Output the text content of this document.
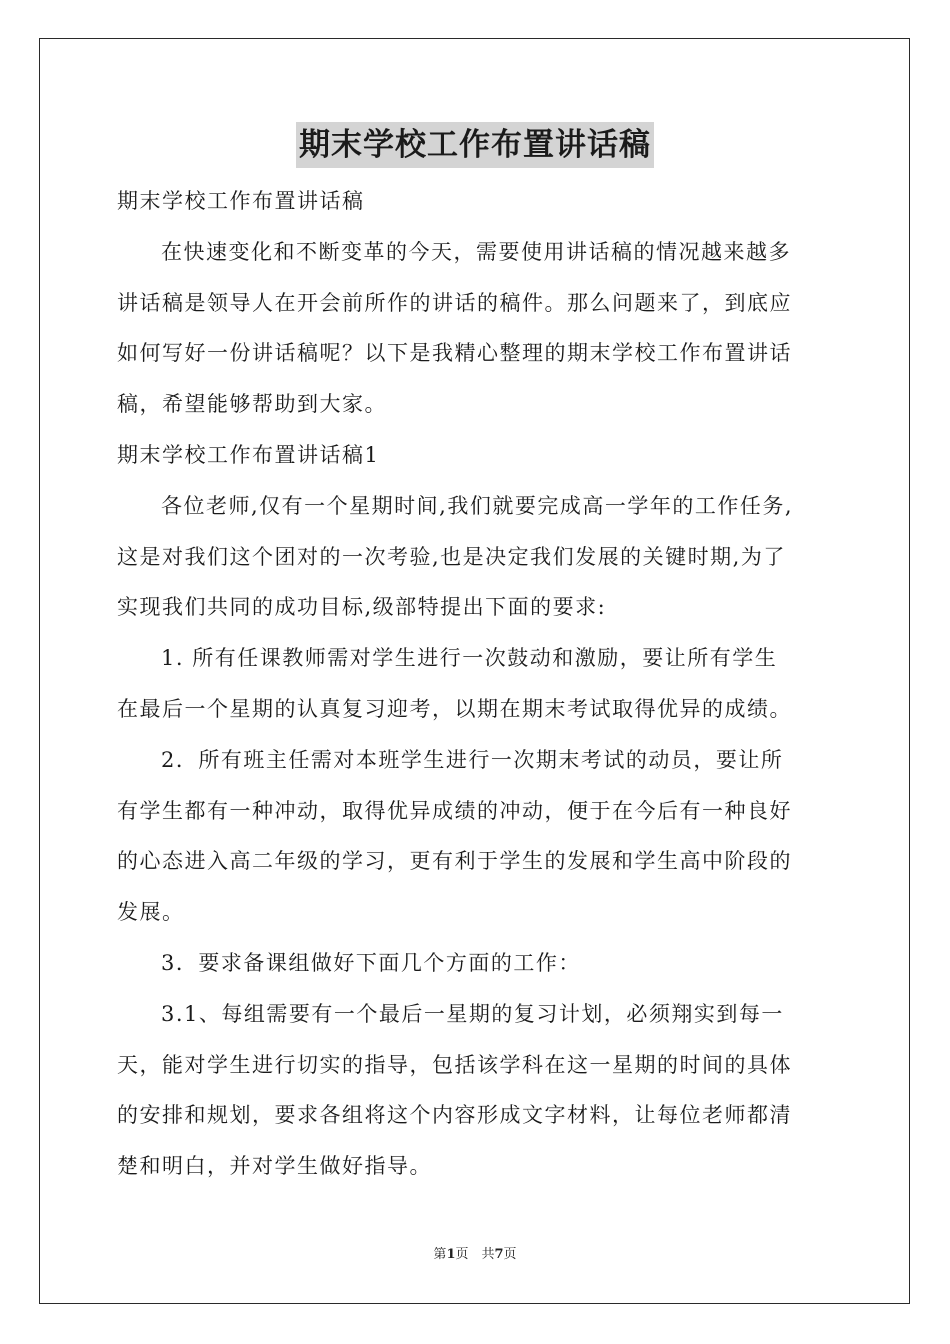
期末学校工作布置讲话稿
期末学校工作布置讲话稿
在快速变化和不断变革的今天，需要使用讲话稿的情况越来越多
讲话稿是领导人在开会前所作的讲话的稿件。那么问题来了，到底应
如何写好一份讲话稿呢？以下是我精心整理的期末学校工作布置讲话
稿，希望能够帮助到大家。
期末学校工作布置讲话稿1
各位老师,仅有一个星期时间,我们就要完成高一学年的工作任务,
这是对我们这个团对的一次考验,也是决定我们发展的关键时期,为了
实现我们共同的成功目标,级部特提出下面的要求:
1. 所有任课教师需对学生进行一次鼓动和激励，要让所有学生
在最后一个星期的认真复习迎考，以期在期末考试取得优异的成绩。
2．所有班主任需对本班学生进行一次期末考试的动员，要让所
有学生都有一种冲动，取得优异成绩的冲动，便于在今后有一种良好
的心态进入高二年级的学习，更有利于学生的发展和学生高中阶段的
发展。
3．要求备课组做好下面几个方面的工作：
3.1、每组需要有一个最后一星期的复习计划，必须翔实到每一
天，能对学生进行切实的指导，包括该学科在这一星期的时间的具体
的安排和规划，要求各组将这个内容形成文字材料，让每位老师都清
楚和明白，并对学生做好指导。
第1页　共7页
